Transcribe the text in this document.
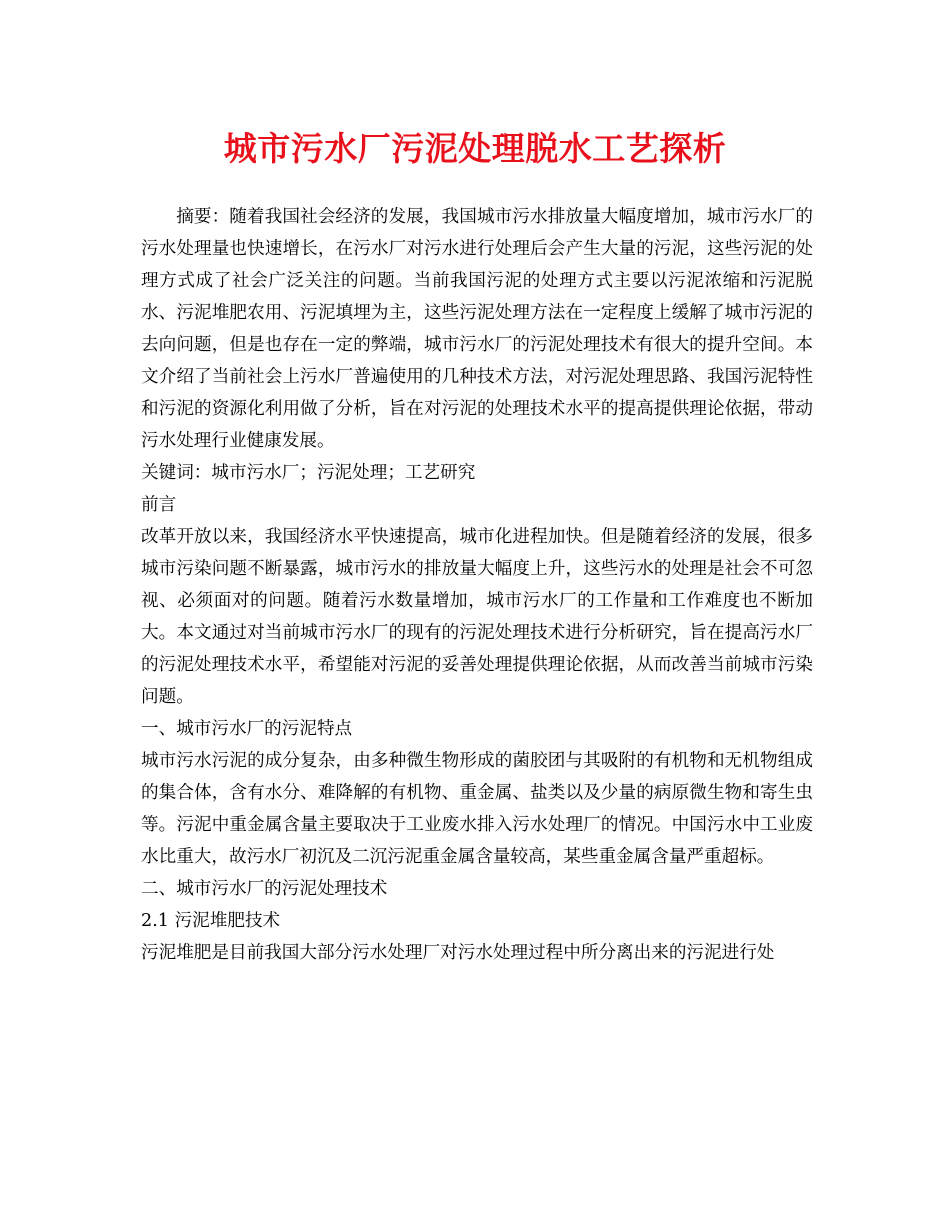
城市污水厂污泥处理脱水工艺探析

摘要：随着我国社会经济的发展，我国城市污水排放量大幅度增加，城市污水厂的污水处理量也快速增长，在污水厂对污水进行处理后会产生大量的污泥，这些污泥的处理方式成了社会广泛关注的问题。当前我国污泥的处理方式主要以污泥浓缩和污泥脱水、污泥堆肥农用、污泥填埋为主，这些污泥处理方法在一定程度上缓解了城市污泥的去向问题，但是也存在一定的弊端，城市污水厂的污泥处理技术有很大的提升空间。本文介绍了当前社会上污水厂普遍使用的几种技术方法，对污泥处理思路、我国污泥特性和污泥的资源化利用做了分析，旨在对污泥的处理技术水平的提高提供理论依据，带动污水处理行业健康发展。

关键词：城市污水厂；污泥处理；工艺研究

前言

改革开放以来，我国经济水平快速提高，城市化进程加快。但是随着经济的发展，很多城市污染问题不断暴露，城市污水的排放量大幅度上升，这些污水的处理是社会不可忽视、必须面对的问题。随着污水数量增加，城市污水厂的工作量和工作难度也不断加大。本文通过对当前城市污水厂的现有的污泥处理技术进行分析研究，旨在提高污水厂的污泥处理技术水平，希望能对污泥的妥善处理提供理论依据，从而改善当前城市污染问题。

一、城市污水厂的污泥特点

城市污水污泥的成分复杂，由多种微生物形成的菌胶团与其吸附的有机物和无机物组成的集合体，含有水分、难降解的有机物、重金属、盐类以及少量的病原微生物和寄生虫等。污泥中重金属含量主要取决于工业废水排入污水处理厂的情况。中国污水中工业废水比重大，故污水厂初沉及二沉污泥重金属含量较高，某些重金属含量严重超标。

二、城市污水厂的污泥处理技术

2.1 污泥堆肥技术

污泥堆肥是目前我国大部分污水处理厂对污水处理过程中所分离出来的污泥进行处
